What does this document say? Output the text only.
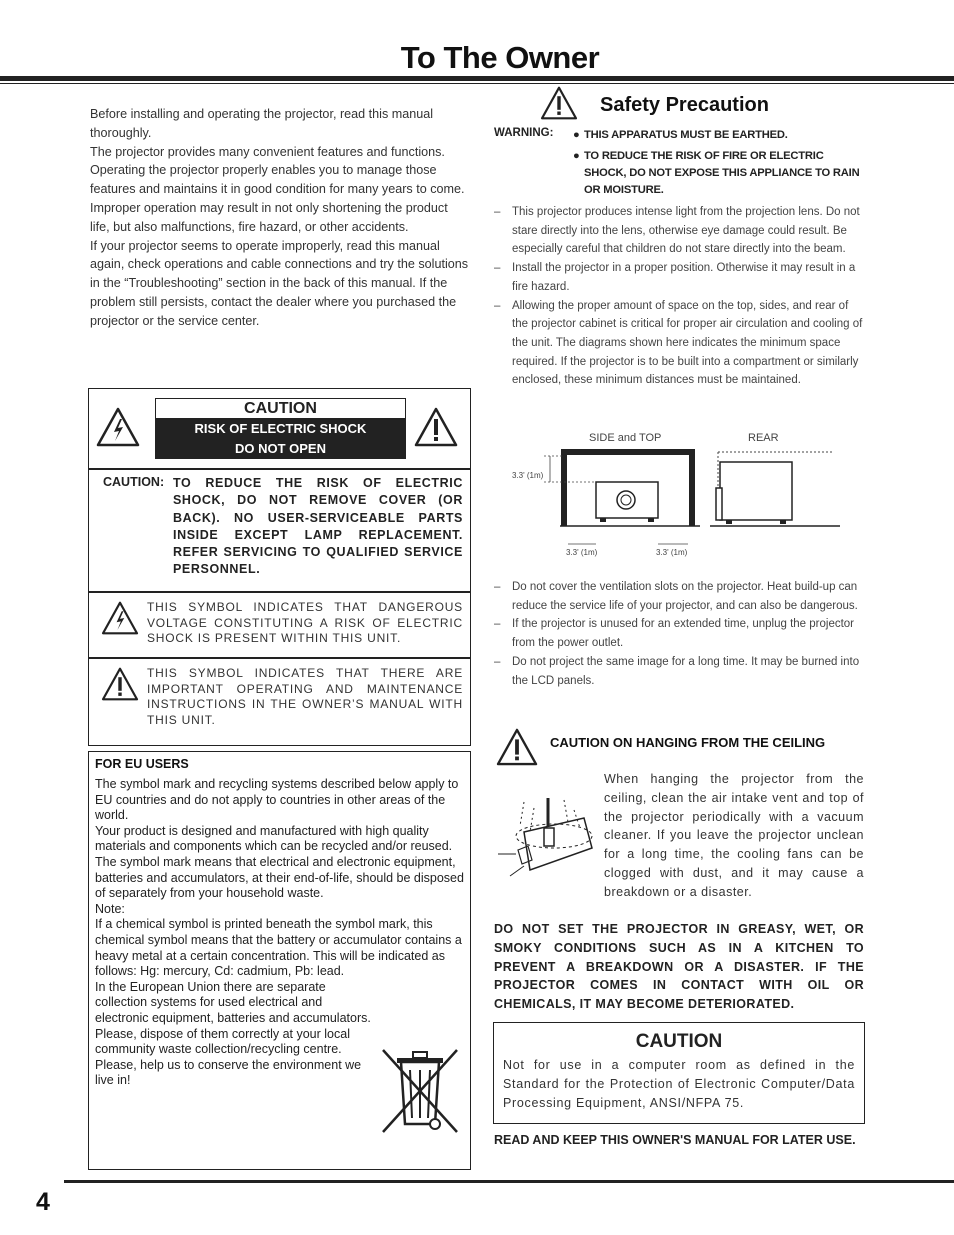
To The Owner

Before installing and operating the projector, read this manual thoroughly.

The projector provides many convenient features and functions. Operating the projector properly enables you to manage those features and maintains it in good condition for many years to come.

Improper operation may result in not only shortening the product life, but also malfunctions, fire hazard, or other accidents.

If your projector seems to operate improperly, read this manual again, check operations and cable connections and try the solutions in the “Troubleshooting” section in the back of this manual. If the problem still persists, contact the dealer where you purchased the projector or the service center.

CAUTION
RISK OF ELECTRIC SHOCK
DO NOT OPEN
CAUTION: TO REDUCE THE RISK OF ELECTRIC SHOCK, DO NOT REMOVE COVER (OR BACK). NO USER-SERVICEABLE PARTS INSIDE EXCEPT LAMP REPLACEMENT. REFER SERVICING TO QUALIFIED SERVICE PERSONNEL.
THIS SYMBOL INDICATES THAT DANGEROUS VOLTAGE CONSTITUTING A RISK OF ELECTRIC SHOCK IS PRESENT WITHIN THIS UNIT.
THIS SYMBOL INDICATES THAT THERE ARE IMPORTANT OPERATING AND MAINTENANCE INSTRUCTIONS IN THE OWNER’S MANUAL WITH THIS UNIT.
FOR EU USERS

The symbol mark and recycling systems described below apply to EU countries and do not apply to countries in other areas of the world.

Your product is designed and manufactured with high quality materials and components which can be recycled and/or reused.

The symbol mark means that electrical and electronic equipment, batteries and accumulators, at their end-of-life, should be disposed of separately from your household waste.

Note:

If a chemical symbol is printed beneath the symbol mark, this chemical symbol means that the battery or accumulator contains a heavy metal at a certain concentration. This will be indicated as follows: Hg: mercury, Cd: cadmium, Pb: lead.

In the European Union there are separate collection systems for used electrical and electronic equipment, batteries and accumulators.

Please, dispose of them correctly at your local community waste collection/recycling centre.

Please, help us to conserve the environment we live in!

Safety Precaution
WARNING: ● THIS APPARATUS MUST BE EARTHED.
● TO REDUCE THE RISK OF FIRE OR ELECTRIC SHOCK, DO NOT EXPOSE THIS APPLIANCE TO RAIN OR MOISTURE.
–	This projector produces intense light from the projection lens. Do not stare directly into the lens, otherwise eye damage could result. Be especially careful that children do not stare directly into the beam.
–	Install the projector in a proper position. Otherwise it may result in a fire hazard.
–	Allowing the proper amount of space on the top, sides, and rear of the projector cabinet is critical for proper air circulation and cooling of the unit. The diagrams shown here indicates the minimum space required. If the projector is to be built into a compartment or similarly enclosed, these minimum distances must be maintained.
SIDE and TOP	REAR
3.3' (1m)
3.3' (1m)	3.3' (1m)
–	Do not cover the ventilation slots on the projector. Heat build-up can reduce the service life of your projector, and can also be dangerous.
–	If the projector is unused for an extended time, unplug the projector from the power outlet.
–	Do not project the same image for a long time. It may be burned into the LCD panels.
CAUTION ON HANGING FROM THE CEILING
When hanging the projector from the ceiling, clean the air intake vent and top of the projector periodically with a vacuum cleaner. If you leave the projector unclean for a long time, the cooling fans can be clogged with dust, and it may cause a breakdown or a disaster.
DO NOT SET THE PROJECTOR IN GREASY, WET, OR SMOKY CONDITIONS SUCH AS IN A KITCHEN TO PREVENT A BREAKDOWN OR A DISASTER. IF THE PROJECTOR COMES IN CONTACT WITH OIL OR CHEMICALS, IT MAY BECOME DETERIORATED.
CAUTION
Not for use in a computer room as defined in the Standard for the Protection of Electronic Computer/Data Processing Equipment, ANSI/NFPA 75.
READ AND KEEP THIS OWNER'S MANUAL FOR LATER USE.
4
